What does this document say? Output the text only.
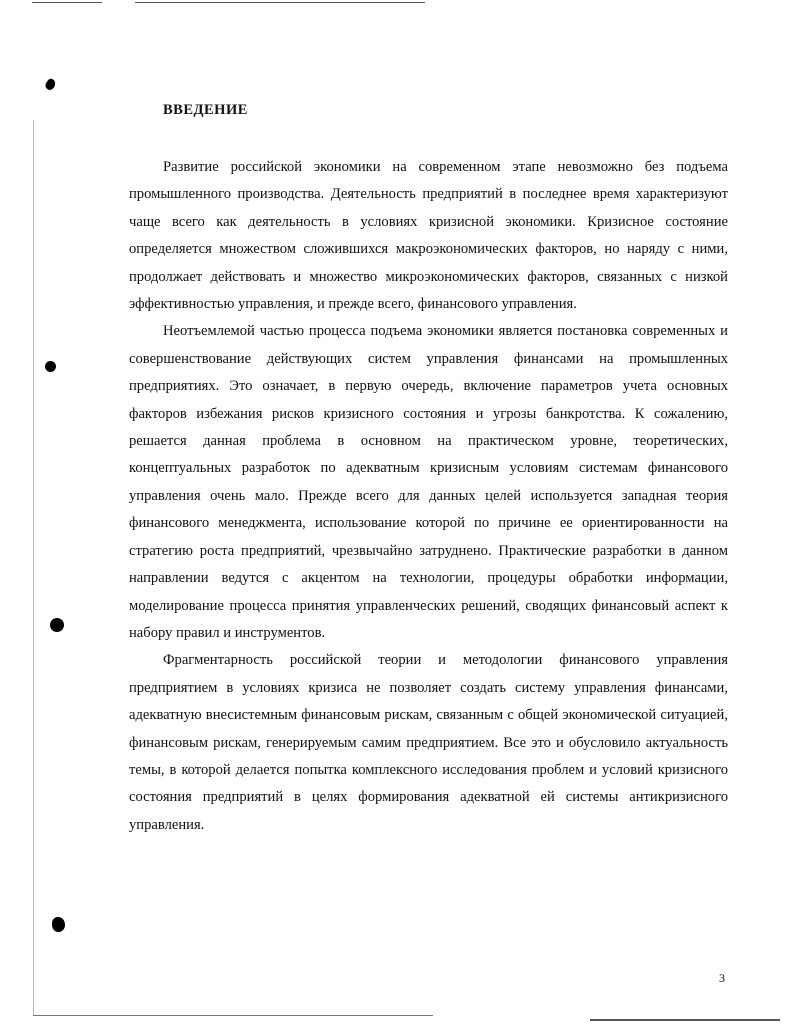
ВВЕДЕНИЕ

Развитие российской экономики на современном этапе невозможно без подъема промышленного производства. Деятельность предприятий в последнее время характеризуют чаще всего как деятельность в условиях кризисной экономики. Кризисное состояние определяется множеством сложившихся макроэкономических факторов, но наряду с ними, продолжает действовать и множество микроэкономических факторов, связанных с низкой эффективностью управления, и прежде всего, финансового управления.

Неотъемлемой частью процесса подъема экономики является постановка современных и совершенствование действующих систем управления финансами на промышленных предприятиях. Это означает, в первую очередь, включение параметров учета основных факторов избежания рисков кризисного состояния и угрозы банкротства. К сожалению, решается данная проблема в основном на практическом уровне, теоретических, концептуальных разработок по адекватным кризисным условиям системам финансового управления очень мало. Прежде всего для данных целей используется западная теория финансового менеджмента, использование которой по причине ее ориентированности на стратегию роста предприятий, чрезвычайно затруднено. Практические разработки в данном направлении ведутся с акцентом на технологии, процедуры обработки информации, моделирование процесса принятия управленческих решений, сводящих финансовый аспект к набору правил и инструментов.

Фрагментарность российской теории и методологии финансового управления предприятием в условиях кризиса не позволяет создать систему управления финансами, адекватную внесистемным финансовым рискам, связанным с общей экономической ситуацией, финансовым рискам, генерируемым самим предприятием. Все это и обусловило актуальность темы, в которой делается попытка комплексного исследования проблем и условий кризисного состояния предприятий в целях формирования адекватной ей системы антикризисного управления.

3
